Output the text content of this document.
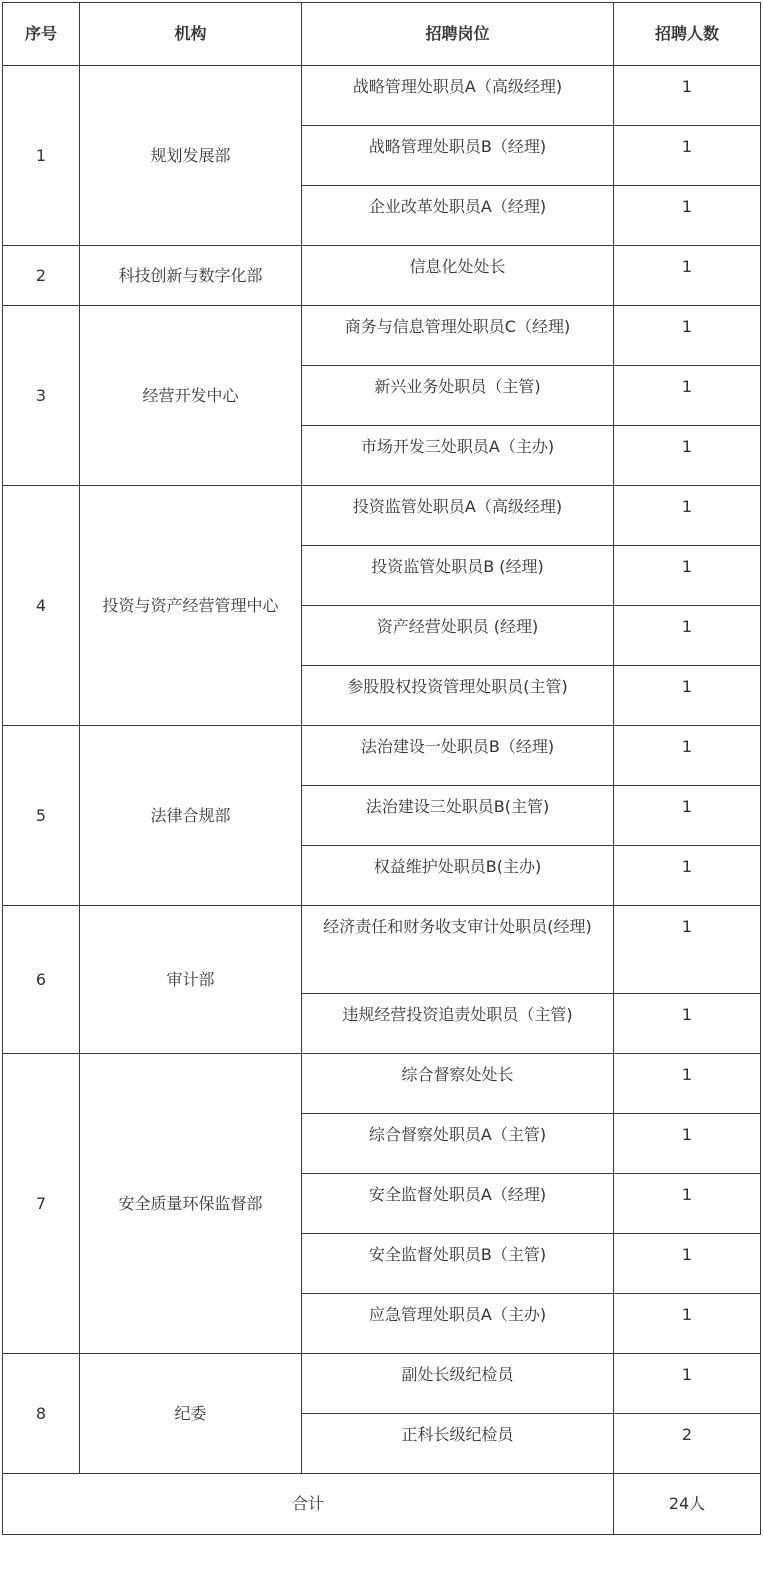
序号	机构	招聘岗位	招聘人数
1	规划发展部	战略管理处职员A（高级经理)	1
		战略管理处职员B（经理)	1
		企业改革处职员A（经理)	1
2	科技创新与数字化部	信息化处处长	1
3	经营开发中心	商务与信息管理处职员C（经理)	1
		新兴业务处职员（主管)	1
		市场开发三处职员A（主办)	1
4	投资与资产经营管理中心	投资监管处职员A（高级经理)	1
		投资监管处职员B (经理)	1
		资产经营处职员 (经理)	1
		参股股权投资管理处职员(主管)	1
5	法律合规部	法治建设一处职员B（经理)	1
		法治建设三处职员B(主管)	1
		权益维护处职员B(主办)	1
6	审计部	经济责任和财务收支审计处职员(经理)	1
		违规经营投资追责处职员（主管)	1
7	安全质量环保监督部	综合督察处处长	1
		综合督察处职员A（主管)	1
		安全监督处职员A（经理)	1
		安全监督处职员B（主管)	1
		应急管理处职员A（主办)	1
8	纪委	副处长级纪检员	1
		正科长级纪检员	2
合计			24人
